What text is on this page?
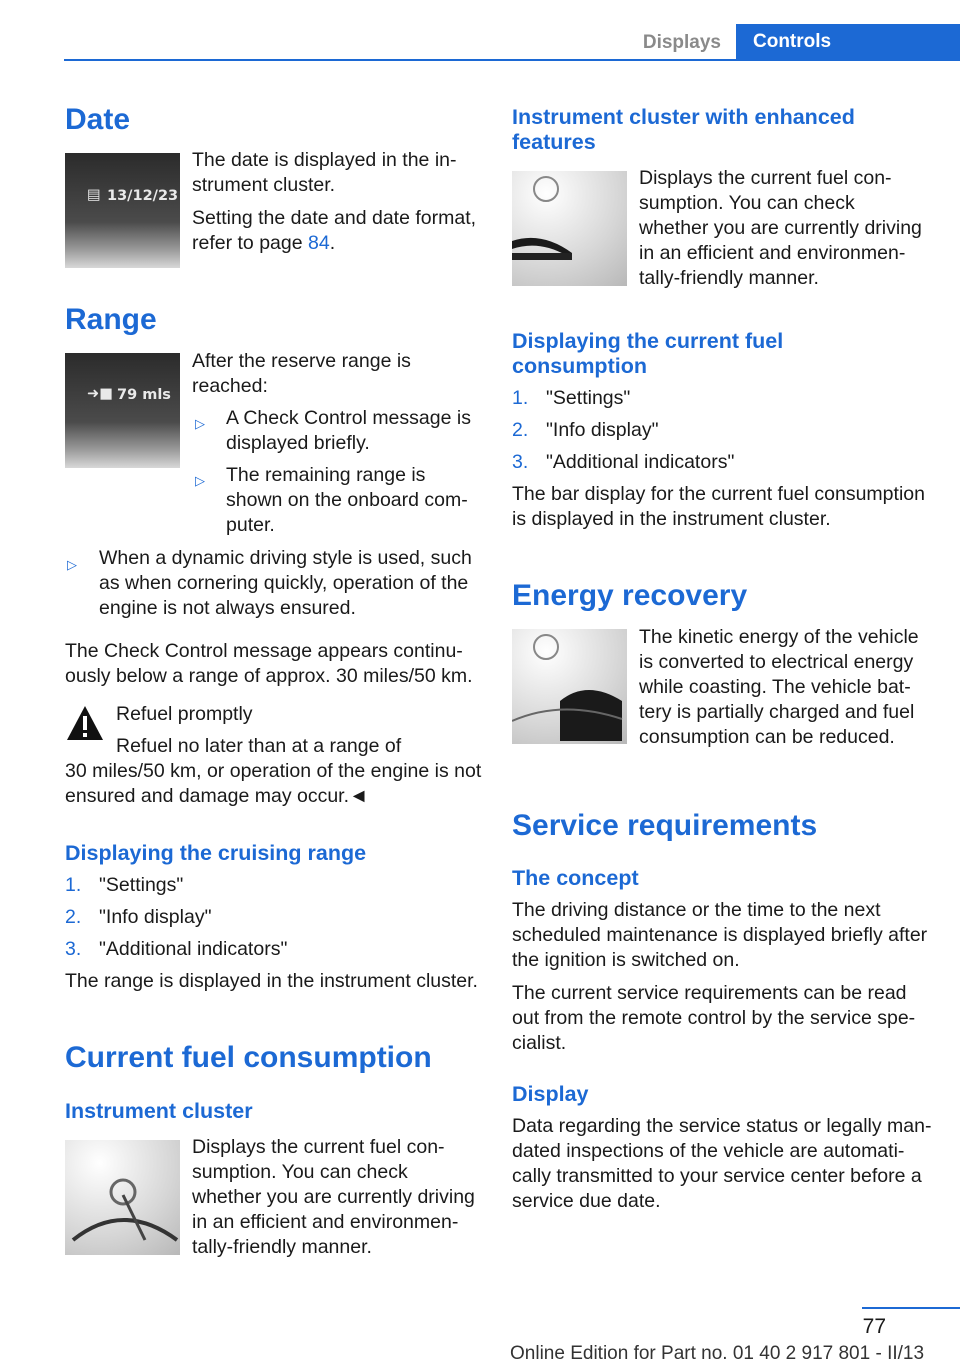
Displays	Controls
Date
▤ 13/12/23

The date is displayed in the in-

strument cluster.

Setting the date and date format,

refer to page 84.

Range
➜■ 79 mls

After the reserve range is

reached:

▷ A Check Control message is

displayed briefly.

▷ The remaining range is

shown on the onboard com-

puter.

▷ When a dynamic driving style is used, such

as when cornering quickly, operation of the

engine is not always ensured.

The Check Control message appears continu-

ously below a range of approx. 30 miles/50 km.

Refuel promptly

Refuel no later than at a range of

30 miles/50 km, or operation of the engine is not

ensured and damage may occur.◄

Displaying the cruising range
1. "Settings"

2. "Info display"

3. "Additional indicators"

The range is displayed in the instrument cluster.

Current fuel consumption
Instrument cluster

Displays the current fuel con-

sumption. You can check

whether you are currently driving

in an efficient and environmen-

tally-friendly manner.

Instrument cluster with enhanced
features

Displays the current fuel con-

sumption. You can check

whether you are currently driving

in an efficient and environmen-

tally-friendly manner.

Displaying the current fuel
consumption
1. "Settings"

2. "Info display"

3. "Additional indicators"

The bar display for the current fuel consumption

is displayed in the instrument cluster.

Energy recovery

The kinetic energy of the vehicle

is converted to electrical energy

while coasting. The vehicle bat-

tery is partially charged and fuel

consumption can be reduced.

Service requirements
The concept

The driving distance or the time to the next

scheduled maintenance is displayed briefly after

the ignition is switched on.

The current service requirements can be read

out from the remote control by the service spe-

cialist.

Display

Data regarding the service status or legally man-

dated inspections of the vehicle are automati-

cally transmitted to your service center before a

service due date.

77
Online Edition for Part no. 01 40 2 917 801 - II/13
